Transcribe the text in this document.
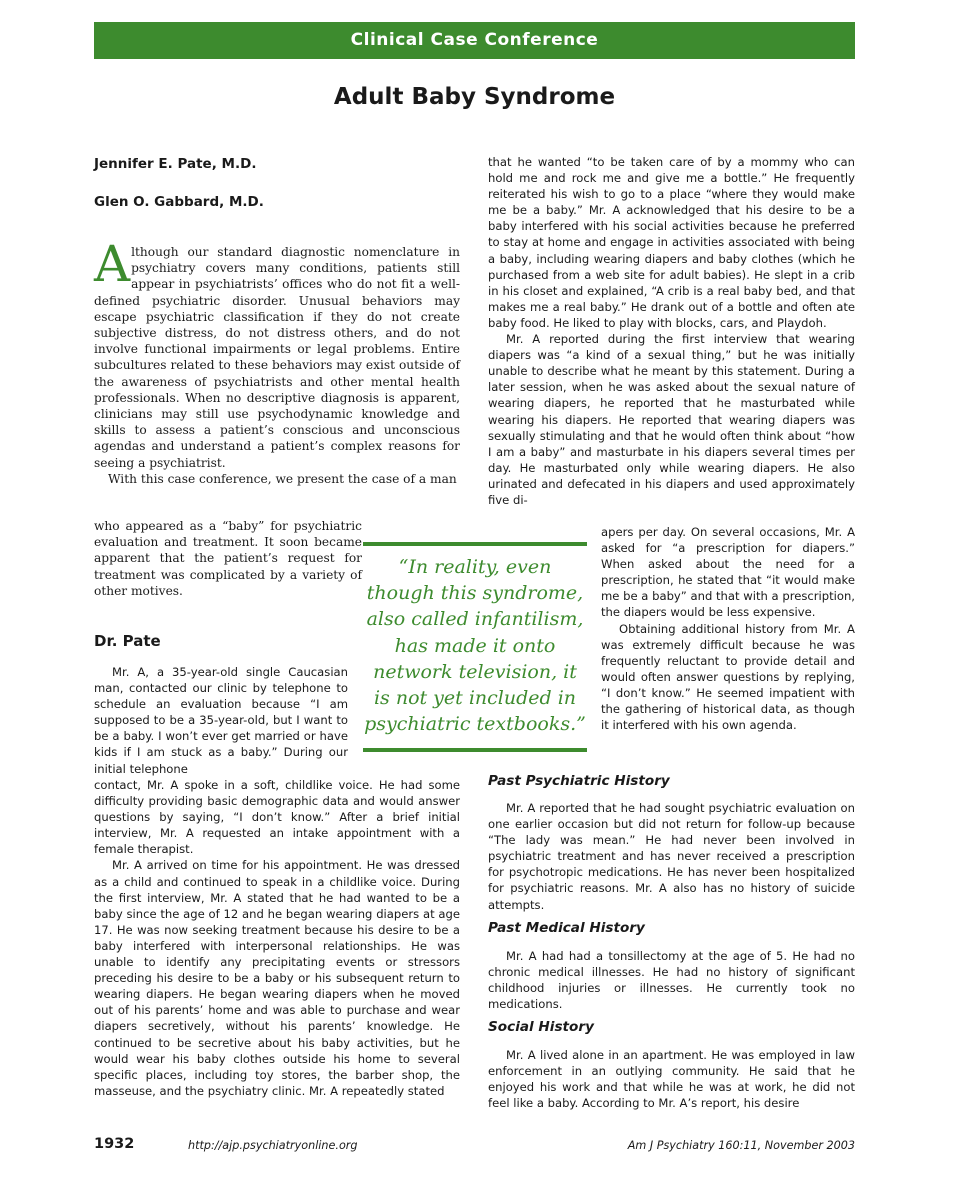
Clinical Case Conference
Adult Baby Syndrome

Jennifer E. Pate, M.D.

Glen O. Gabbard, M.D.

Although our standard diagnostic nomenclature in psychiatry covers many conditions, patients still appear in psychiatrists’ offices who do not fit a well-defined psychiatric disorder. Unusual behaviors may escape psychiatric classification if they do not create subjective distress, do not distress others, and do not involve functional impairments or legal problems. Entire subcultures related to these behaviors may exist outside of the awareness of psychiatrists and other mental health professionals. When no descriptive diagnosis is apparent, clinicians may still use psychodynamic knowledge and skills to assess a patient’s conscious and unconscious agendas and understand a patient’s complex reasons for seeing a psychiatrist.

With this case conference, we present the case of a man

who appeared as a “baby” for psychiatric evaluation and treatment. It soon became apparent that the patient’s request for treatment was complicated by a variety of other motives.

“In reality, even though this syndrome, also called infantilism, has made it onto network television, it is not yet included in psychiatric textbooks.”
Dr. Pate

Mr. A, a 35-year-old single Caucasian man, contacted our clinic by telephone to schedule an evaluation because “I am supposed to be a 35-year-old, but I want to be a baby. I won’t ever get married or have kids if I am stuck as a baby.” During our initial telephone

contact, Mr. A spoke in a soft, childlike voice. He had some difficulty providing basic demographic data and would answer questions by saying, “I don’t know.” After a brief initial interview, Mr. A requested an intake appointment with a female therapist.

Mr. A arrived on time for his appointment. He was dressed as a child and continued to speak in a childlike voice. During the first interview, Mr. A stated that he had wanted to be a baby since the age of 12 and he began wearing diapers at age 17. He was now seeking treatment because his desire to be a baby interfered with interpersonal relationships. He was unable to identify any precipitating events or stressors preceding his desire to be a baby or his subsequent return to wearing diapers. He began wearing diapers when he moved out of his parents’ home and was able to purchase and wear diapers secretively, without his parents’ knowledge. He continued to be secretive about his baby activities, but he would wear his baby clothes outside his home to several specific places, including toy stores, the barber shop, the masseuse, and the psychiatry clinic. Mr. A repeatedly stated

that he wanted “to be taken care of by a mommy who can hold me and rock me and give me a bottle.” He frequently reiterated his wish to go to a place “where they would make me be a baby.” Mr. A acknowledged that his desire to be a baby interfered with his social activities because he preferred to stay at home and engage in activities associated with being a baby, including wearing diapers and baby clothes (which he purchased from a web site for adult babies). He slept in a crib in his closet and explained, “A crib is a real baby bed, and that makes me a real baby.” He drank out of a bottle and often ate baby food. He liked to play with blocks, cars, and Playdoh.

Mr. A reported during the first interview that wearing diapers was “a kind of a sexual thing,” but he was initially unable to describe what he meant by this statement. During a later session, when he was asked about the sexual nature of wearing diapers, he reported that he masturbated while wearing his diapers. He reported that wearing diapers was sexually stimulating and that he would often think about “how I am a baby” and masturbate in his diapers several times per day. He masturbated only while wearing diapers. He also urinated and defecated in his diapers and used approximately five di-

apers per day. On several occasions, Mr. A asked for “a prescription for diapers.” When asked about the need for a prescription, he stated that “it would make me be a baby” and that with a prescription, the diapers would be less expensive.

Obtaining additional history from Mr. A was extremely difficult because he was frequently reluctant to provide detail and would often answer questions by replying, “I don’t know.” He seemed impatient with the gathering of historical data, as though it interfered with his own agenda.

Past Psychiatric History

Mr. A reported that he had sought psychiatric evaluation on one earlier occasion but did not return for follow-up because “The lady was mean.” He had never been involved in psychiatric treatment and has never received a prescription for psychotropic medications. He has never been hospitalized for psychiatric reasons. Mr. A also has no history of suicide attempts.

Past Medical History

Mr. A had had a tonsillectomy at the age of 5. He had no chronic medical illnesses. He had no history of significant childhood injuries or illnesses. He currently took no medications.

Social History

Mr. A lived alone in an apartment. He was employed in law enforcement in an outlying community. He said that he enjoyed his work and that while he was at work, he did not feel like a baby. According to Mr. A’s report, his desire

1932	http://ajp.psychiatryonline.org	Am J Psychiatry 160:11, November 2003
